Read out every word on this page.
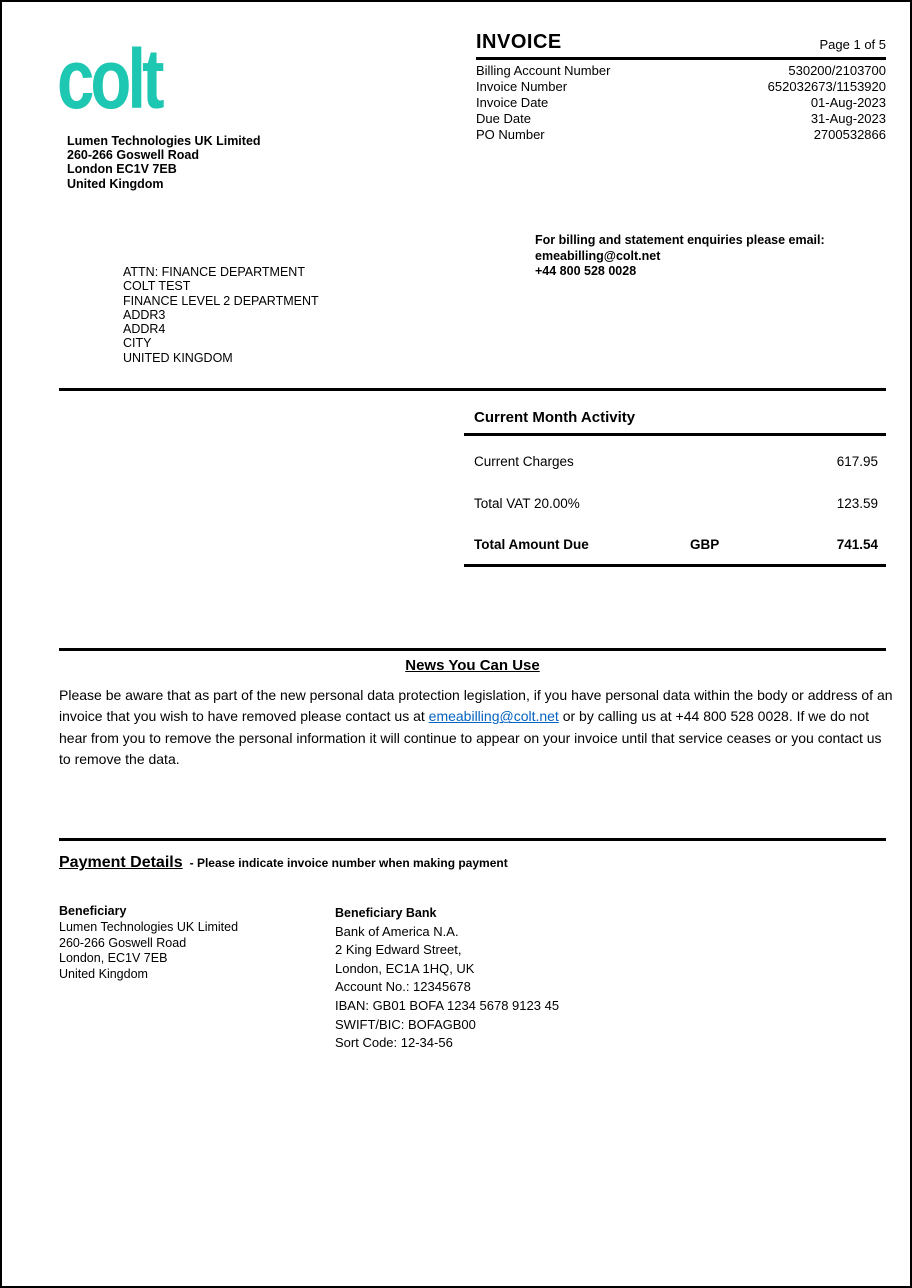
colt	INVOICE	Page 1 of 5
Billing Account Number	530200/2103700
Invoice Number	652032673/1153920
Invoice Date	01-Aug-2023
Due Date	31-Aug-2023
PO Number	2700532866
Lumen Technologies UK Limited
260-266 Goswell Road
London EC1V 7EB
United Kingdom
For billing and statement enquiries please email:
emeabilling@colt.net
+44 800 528 0028
ATTN: FINANCE DEPARTMENT
COLT TEST
FINANCE LEVEL 2 DEPARTMENT
ADDR3
ADDR4
CITY
UNITED KINGDOM
Current Month Activity
Current Charges	617.95
Total VAT 20.00%	123.59
Total Amount Due	GBP	741.54
News You Can Use
Please be aware that as part of the new personal data protection legislation, if you have personal data within the body or address of an invoice that you wish to have removed please contact us at emeabilling@colt.net or by calling us at +44 800 528 0028. If we do not hear from you to remove the personal information it will continue to appear on your invoice until that service ceases or you contact us to remove the data.
Payment Details - Please indicate invoice number when making payment
Beneficiary
Lumen Technologies UK Limited
260-266 Goswell Road
London, EC1V 7EB
United Kingdom
Beneficiary Bank
Bank of America N.A.
2 King Edward Street,
London, EC1A 1HQ, UK
Account No.: 12345678
IBAN: GB01 BOFA 1234 5678 9123 45
SWIFT/BIC: BOFAGB00
Sort Code: 12-34-56
